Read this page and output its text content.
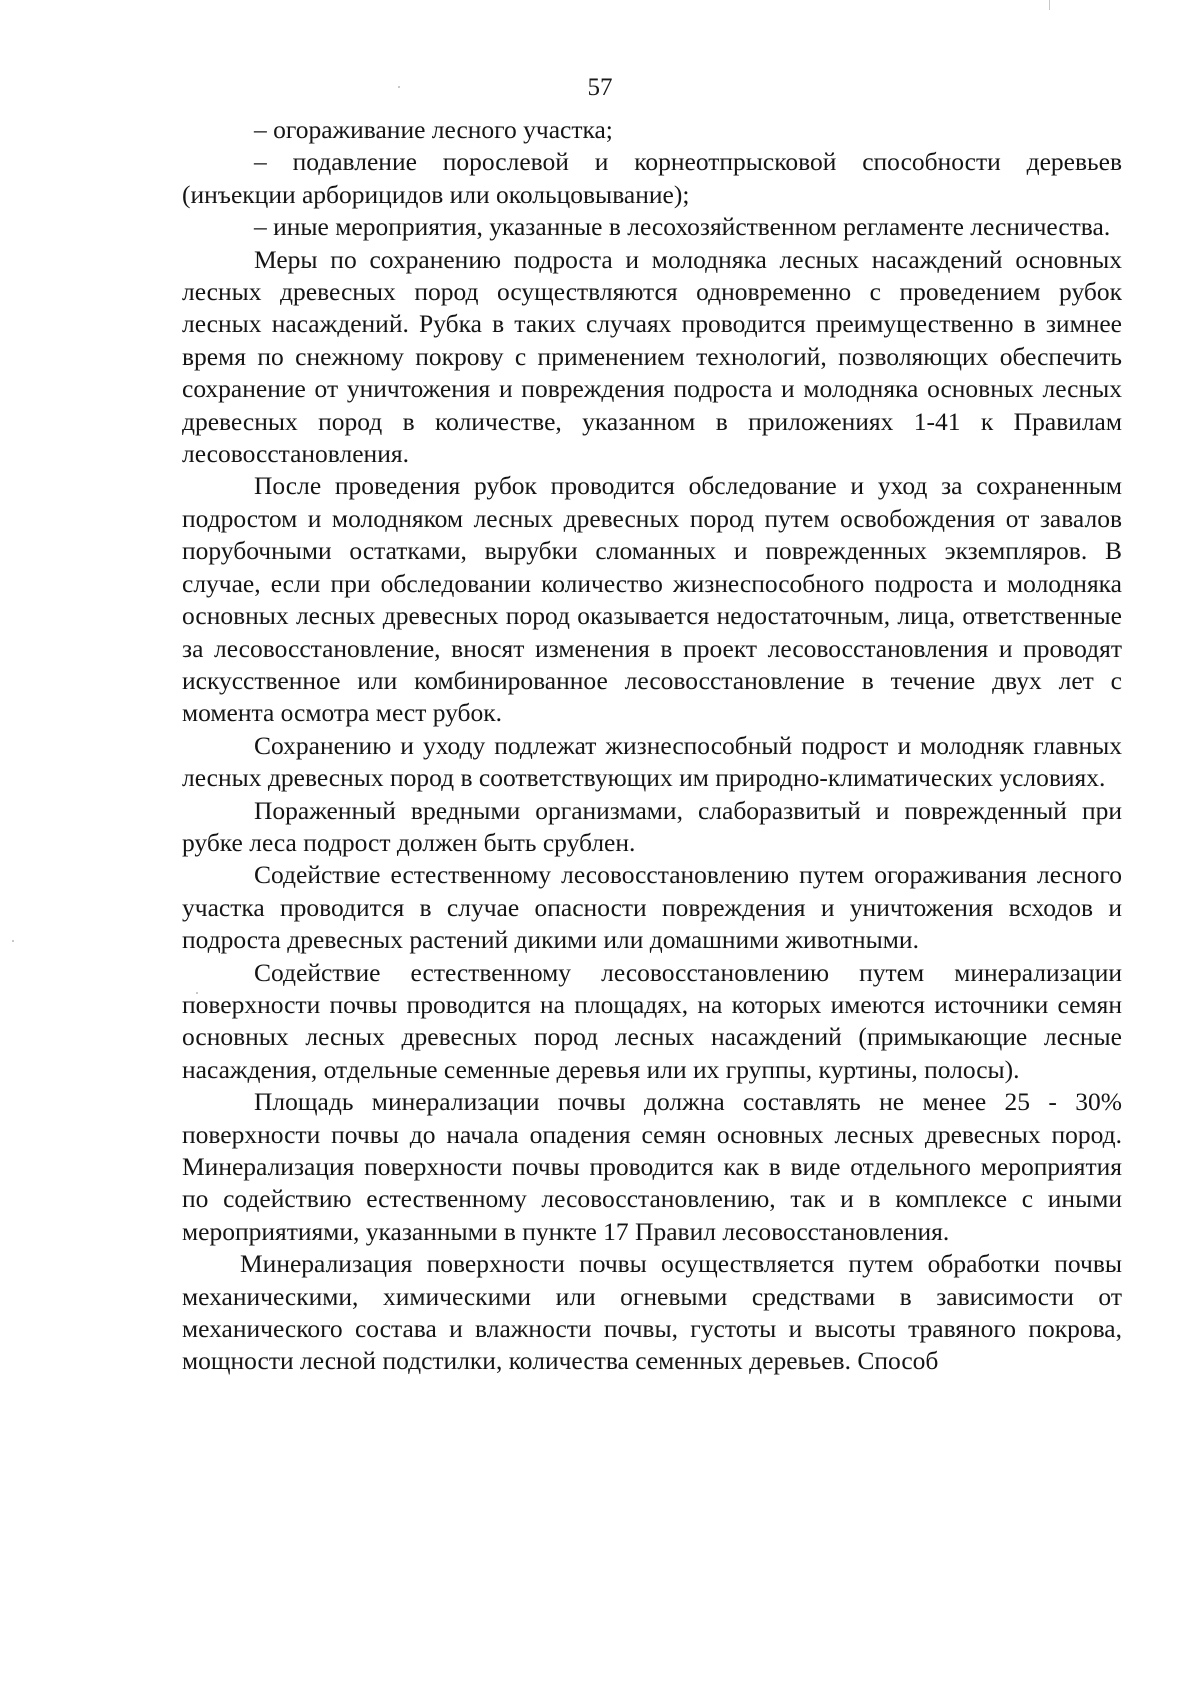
57

– огораживание лесного участка;

– подавление порослевой и корнеотпрысковой способности деревьев (инъекции арборицидов или окольцовывание);

– иные мероприятия, указанные в лесохозяйственном регламенте лесничества.

Меры по сохранению подроста и молодняка лесных насаждений основных лесных древесных пород осуществляются одновременно с проведением рубок лесных насаждений. Рубка в таких случаях проводится преимущественно в зимнее время по снежному покрову с применением технологий, позволяющих обеспечить сохранение от уничтожения и повреждения подроста и молодняка основных лесных древесных пород в количестве, указанном в приложениях 1-41 к Правилам лесовосстановления.

После проведения рубок проводится обследование и уход за сохраненным подростом и молодняком лесных древесных пород путем освобождения от завалов порубочными остатками, вырубки сломанных и поврежденных экземпляров. В случае, если при обследовании количество жизнеспособного подроста и молодняка основных лесных древесных пород оказывается недостаточным, лица, ответственные за лесовосстановление, вносят изменения в проект лесовосстановления и проводят искусственное или комбинированное лесовосстановление в течение двух лет с момента осмотра мест рубок.

Сохранению и уходу подлежат жизнеспособный подрост и молодняк главных лесных древесных пород в соответствующих им природно-климатических условиях.

Пораженный вредными организмами, слаборазвитый и поврежденный при рубке леса подрост должен быть срублен.

Содействие естественному лесовосстановлению путем огораживания лесного участка проводится в случае опасности повреждения и уничтожения всходов и подроста древесных растений дикими или домашними животными.

Содействие естественному лесовосстановлению путем минерализации поверхности почвы проводится на площадях, на которых имеются источники семян основных лесных древесных пород лесных насаждений (примыкающие лесные насаждения, отдельные семенные деревья или их группы, куртины, полосы).

Площадь минерализации почвы должна составлять не менее 25 - 30% поверхности почвы до начала опадения семян основных лесных древесных пород. Минерализация поверхности почвы проводится как в виде отдельного мероприятия по содействию естественному лесовосстановлению, так и в комплексе с иными мероприятиями, указанными в пункте 17 Правил лесовосстановления.

Минерализация поверхности почвы осуществляется путем обработки почвы механическими, химическими или огневыми средствами в зависимости от механического состава и влажности почвы, густоты и высоты травяного покрова, мощности лесной подстилки, количества семенных деревьев. Способ
